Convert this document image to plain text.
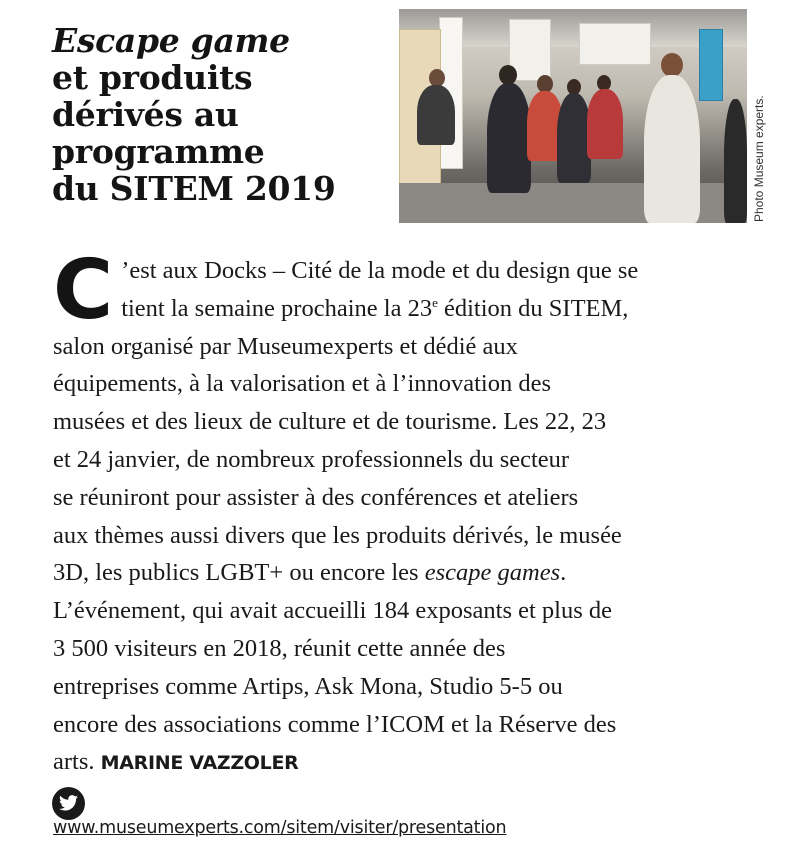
Escape game
et produits
dérivés au
programme
du SITEM 2019	Photo Museum experts.
C ’est aux Docks – Cité de la mode et du design que se
tient la semaine prochaine la 23e édition du SITEM,
salon organisé par Museumexperts et dédié aux
équipements, à la valorisation et à l’innovation des
musées et des lieux de culture et de tourisme. Les 22, 23
et 24 janvier, de nombreux professionnels du secteur
se réuniront pour assister à des conférences et ateliers
aux thèmes aussi divers que les produits dérivés, le musée
3D, les publics LGBT+ ou encore les escape games.
L’événement, qui avait accueilli 184 exposants et plus de
3 500 visiteurs en 2018, réunit cette année des
entreprises comme Artips, Ask Mona, Studio 5-5 ou
encore des associations comme l’ICOM et la Réserve des
arts. MARINE VAZZOLER
www.museumexperts.com/sitem/visiter/presentation
